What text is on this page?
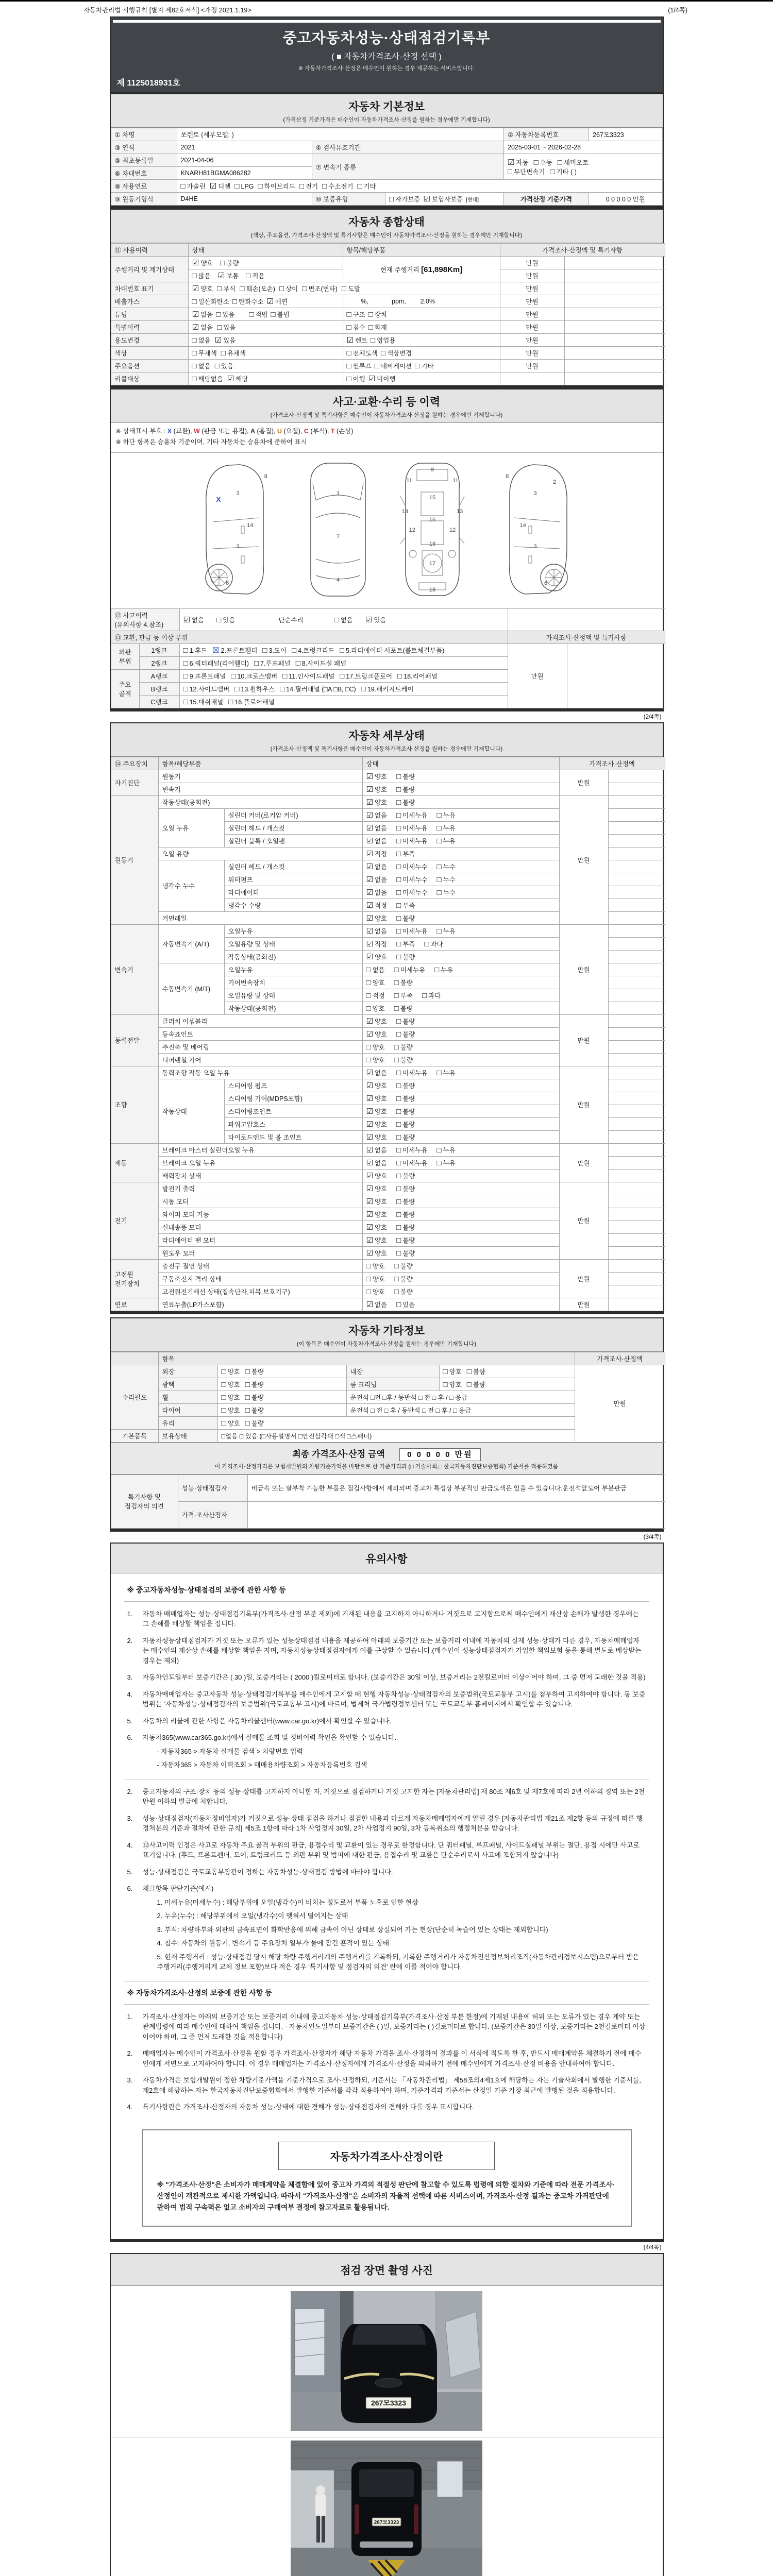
자동차관리법 시행규칙 [별지 제82호서식] <개정 2021.1.19>	(1/4쪽)
중고자동차성능·상태점검기록부
( ■ 자동차가격조사·산정 선택 )
※ 자동차가격조사·산정은 매수인이 원하는 경우 제공하는 서비스입니다.
제 1125018931호
자동차 기본정보
(가격산정 기준가격은 매수인이 자동차가격조사·산정을 원하는 경우에만 기재합니다)
① 차명	쏘렌토 (세부모델: )			② 자동차등록번호	267모3323
③ 연식	2021	④ 검사유효기간		2025-03-01 ~ 2026-02-28	
⑤ 최초등록일	2021-04-06	⑦ 변속기 종류		☑ 자동 □ 수동 □ 세미오토
□ 무단변속기 □ 기타 ( )	
⑥ 차대번호	KNARH81BGMA086282				
⑧ 사용연료	□ 가솔린 ☑ 디젤 □ LPG □ 하이브리드 □ 전기 □ 수소전기 □ 기타				
⑨ 원동기형식	D4HE	⑩ 보증유형	□ 자가보증 ☑ 보험사보증 [현대]	가격산정 기준가격	0 0 0 0 0 만원
자동차 종합상태
(색상, 주요옵션, 가격조사·산정액 및 특기사항은 매수인이 자동차가격조사·산정을 원하는 경우에만 기재합니다)
⑪ 사용이력	상태	항목/해당부품	가격조사·산정액 및 특기사항	
주행거리 및 계기상태	☑ 양호 □ 불량	현재 주행거리 [61,898Km]	만원	
	□ 많음 ☑ 보통 □ 적음		만원	
차대번호 표기	☑ 양호 □ 부식 □ 훼손(오손) □ 상이 □ 변조(변타) □ 도말		만원	
배출가스	□ 일산화탄소 □ 탄화수소 ☑ 매연	%,             ppm,        2.0%	만원	
튜닝	☑ 없음 □ 있음 □ 적법 □ 불법	□ 구조 □ 장치	만원	
특별이력	☑ 없음 □ 있음	□ 침수 □ 화재	만원	
용도변경	□ 없음 ☑ 있음	☑ 렌트 □ 영업용	만원	
색상	□ 무채색 □ 유채색	□ 전체도색 □ 색상변경	만원	
주요옵션	□ 없음 □ 있음	□ 썬루프 □ 네비게이션 □ 기타	만원	
리콜대상	□ 해당없음 ☑ 해당	□ 이행 ☑ 미이행		
사고·교환·수리 등 이력
(가격조사·산정액 및 특기사항은 매수인이 자동차가격조사·산정을 원하는 경우에만 기재합니다)
※ 상태표시 부호 : X (교환), W (판금 또는 용접), A (흠집), U (요철), C (부식), T (손상)
※ 하단 항목은 승용차 기준이며, 기타 자동차는 승용차에 준하여 표시
8
3
14
3
6
X
1
7
4
9
11	11
13	13
12	12
15
16
19
17
18
2
8
3
14
3
6
⑫ 사고이력 (유의사항 4.참조)		☑ 없음 □ 있음 단순수리 □ 없음 ☑ 있음		
⑬ 교환, 판금 등 이상 부위			가격조사·산정액 및 특기사항	
외판 부위	1랭크	□ 1.후드 ☒ 2.프론트휀더 □ 3.도어 □ 4.트렁크리드 □ 5.라디에이터 서포트(볼트체결부품)	만원	
	2랭크	□ 6.쿼터패널(리어휀더) □ 7.루프패널 □ 8.사이드실 패널		
주요 골격	A랭크	□ 9.프론트패널 □ 10.크로스멤버 □ 11.인사이드패널 □ 17.트렁크플로어 □ 18.리어패널		
	B랭크	□ 12.사이드멤버 □ 13.휠하우스 □ 14.필러패널 (□A □B, □C) □ 19.패키지트레이		
	C랭크	□ 15.대쉬패널 □ 16.플로어패널		
(2/4쪽)
자동차 세부상태
(가격조사·산정액 및 특기사항은 매수인이 자동차가격조사·산정을 원하는 경우에만 기재합니다)
⑭ 주요장치	항목/해당부품		상태	가격조사·산정액	
자기진단	원동기		☑ 양호 □ 불량	만원	
	변속기		☑ 양호 □ 불량		
원동기	작동상태(공회전)		☑ 양호 □ 불량	만원	
	오일 누유	실린더 커버(로커암 커버)	☑ 없음 □ 미세누유 □ 누유		
		실린더 헤드 / 개스킷	☑ 없음 □ 미세누유 □ 누유		
		실린더 블록 / 오일팬	☑ 없음 □ 미세누유 □ 누유		
	오일 유량		☑ 적정 □ 부족		
	냉각수 누수	실린더 헤드 / 개스킷	☑ 없음 □ 미세누수 □ 누수		
		워터펌프	☑ 없음 □ 미세누수 □ 누수		
		라디에이터	☑ 없음 □ 미세누수 □ 누수		
		냉각수 수량	☑ 적정 □ 부족		
	커먼레일		☑ 양호 □ 불량		
변속기	자동변속기 (A/T)	오일누유	☑ 없음 □ 미세누유 □ 누유	만원	
		오일유량 및 상태	☑ 적정 □ 부족 □ 과다		
		작동상태(공회전)	☑ 양호 □ 불량		
	수동변속기 (M/T)	오일누유	□ 없음 □ 미세누유 □ 누유		
		기어변속장치	□ 양호 □ 불량		
		오일유량 및 상태	□ 적정 □ 부족 □ 과다		
		작동상태(공회전)	□ 양호 □ 불량		
동력전달	클러치 어셈블리		☑ 양호 □ 불량	만원	
	등속죠인트		☑ 양호 □ 불량		
	추진축 및 베어링		□ 양호 □ 불량		
	디퍼렌셜 기어		□ 양호 □ 불량		
조향	동력조향 작동 오일 누유		☑ 없음 □ 미세누유 □ 누유	만원	
	작동상태	스티어링 펌프	☑ 양호 □ 불량		
		스티어링 기어(MDPS포함)	☑ 양호 □ 불량		
		스티어링조인트	☑ 양호 □ 불량		
		파워고압호스	☑ 양호 □ 불량		
		타이로드엔드 및 볼 조인트	☑ 양호 □ 불량		
제동	브레이크 마스터 실린더오일 누유		☑ 없음 □ 미세누유 □ 누유	만원	
	브레이크 오일 누유		☑ 없음 □ 미세누유 □ 누유		
	배력장치 상태		☑ 양호 □ 불량		
전기	발전기 출력		☑ 양호 □ 불량	만원	
	시동 모터		☑ 양호 □ 불량		
	와이퍼 모터 기능		☑ 양호 □ 불량		
	실내송풍 모터		☑ 양호 □ 불량		
	라디에이터 팬 모터		☑ 양호 □ 불량		
	윈도우 모터		☑ 양호 □ 불량		
고전원 전기장치	충전구 절연 상태		□ 양호 □ 불량	만원	
	구동축전지 격리 상태		□ 양호 □ 불량		
	고전원전기배선 상태(접속단자,피복,보호기구)		□ 양호 □ 불량		
연료	연료누출(LP가스포함)		☑ 없음 □ 있음	만원	
자동차 기타정보
(이 항목은 매수인이 자동차가격조사·산정을 원하는 경우에만 기재합니다)
	항목				가격조사·산정액
수리필요	외장	□ 양호 □ 불량	내장	□ 양호 □ 불량	만원
	광택	□ 양호 □ 불량	룸 크리닝	□ 양호 □ 불량	
	휠	□ 양호 □ 불량	운전석 □전 □후 / 동반석 □ 전 □ 후 / □ 응급		
	타이어	□ 양호 □ 불량	운전석 □ 전 □ 후 / 동반석 □ 전 □ 후 / □ 응급		
	유리	□ 양호 □ 불량			
기본품목	보유상태	□없음 □ 있음 (□사용설명서 □안전삼각대 □잭 □스패너)			
최종 가격조사·산정 금액	0 0 0 0 0 만원
이 가격조사·산정가격은 보험개발원의 차량기준가액을 바탕으로 한 기준가격과 (□ 기술사회,□ 한국자동차진단보증협회) 기준서를 적용하였음
특기사항 및 점검자의 의견	성능·상태점검자	비금속 또는 탈부착 가능한 부품은 점검사항에서 제외되며 중고차 특성상 부분적인 판금도색은 있을 수 있습니다.운전석앞도어 부분판금
	가격·조사산정자	
(3/4쪽)
유의사항
※ 중고자동차성능·상태점검의 보증에 관한 사항 등
1.	자동차 매매업자는 성능·상태점검기록부(가격조사·산정 부분 제외)에 기재된 내용을 고지하지 아니하거나 거짓으로 고지함으로써 매수인에게 재산상 손해가 발생한 경우에는 그 손해를 배상할 책임을 집니다.
2.	자동차성능상태점검자가 거짓 또는 오류가 있는 성능상태점검 내용을 제공하여 아래의 보증기간 또는 보증거리 이내에 자동차의 실제 성능·상태가 다른 경우, 자동차매매업자는 매수인의 재산상 손해를 배상할 책임을 지며, 자동차성능상태점검자에게 이를 구상할 수 있습니다.(매수인이 성능상태점검자가 가입한 책임보험 등을 통해 별도로 배상받는 경우는 제외)
3.	자동차인도일부터 보증기간은 ( 30 )일, 보증거리는 ( 2000 )킬로미터로 합니다. (보증기간은 30일 이상, 보증거리는 2천킬로미터 이상이어야 하며, 그 중 먼저 도래한 것을 적용)
4.	자동차매매업자는 중고자동차 성능·상태점검기록부를 매수인에게 고지할 때 현행 자동차성능·상태점검자의 보증범위(국토교통부 고시)를 첨부하여 고지하여야 합니다. 동 보증범위는 '자동차성능·상태점검자의 보증범위'(국토교통부 고시)에 따르며, 법제처 국가법령정보센터 또는 국토교통부 홈페이지에서 확인할 수 있습니다.
5.	자동차의 리콜에 관한 사항은 자동차리콜센터(www.car.go.kr)에서 확인할 수 있습니다.
6.	자동차365(www.car365.go.kr)에서 실매물 조회 및 정비이력 확인을 확인할 수 있습니다.
- 자동차365 > 자동차 실매물 검색 > 차량번호 입력
- 자동차365 > 자동차 이력조회 > 매매용차량조회 > 자동차등록번호 검색
2.	중고자동차의 구조·장치 등의 성능·상태를 고지하지 아니한 자, 거짓으로 점검하거나 거짓 고지한 자는 [자동차관리법] 제 80조 제6호 및 제7호에 따라 2년 이하의 징역 또는 2천만원 이하의 벌금에 처합니다.
3.	성능·상태점검자(자동차정비업자)가 거짓으로 성능·상태 점검을 하거나 점검한 내용과 다르게 자동차매매업자에게 알린 경우 [자동차관리법 제21조 제2항 등의 규정에 따른 행정처분의 기준과 절차에 관한 규칙] 제5조 1항에 따라 1차 사업정지 30일, 2차 사업정지 90일, 3차 등록취소의 행정처분을 받습니다.
4.	⑫사고이력 인정은 사고로 자동차 주요 골격 부위의 판금, 용접수리 및 교환이 있는 경우로 한정합니다. 단 쿼터패널, 루프패널, 사이드실패널 부위는 절단, 용접 시에만 사고로 표기합니다. (후드, 프론트펜더, 도어, 트렁크리드 등 외판 부위 및 범퍼에 대한 판금, 용접수리 및 교환은 단순수리로서 사고에 포함되지 않습니다)
5.	성능·상태점검은 국토교통부장관이 정하는 자동차성능·상태점검 방법에 따라야 합니다.
6.	체크항목 판단기준(예시)
1. 미세누유(미세누수) : 해당부위에 오일(냉각수)이 비치는 정도로서 부품 노후로 인한 현상
2. 누유(누수) : 해당부위에서 오일(냉각수)이 맺혀서 떨어지는 상태
3. 부식: 차량하부와 외판의 금속표면이 화학반응에 의해 금속이 아닌 상태로 상실되어 가는 현상(단순히 녹슬어 있는 상태는 제외합니다)
4. 침수: 자동차의 원동기, 변속기 등 주요장치 일부가 물에 잠긴 흔적이 있는 상태
5. 현재 주행거리 : 성능·상태점검 당시 해당 차량 주행거리계의 주행거리를 기록하되, 기록한 주행거리가 자동차전산정보처리조직(자동차관리정보시스템)으로부터 받은 주행거리(주행거리계 교체 정보 포함)보다 적은 경우 '특기사항 및 점검자의 의견' 란에 이를 적어야 합니다.
※ 자동차가격조사·산정의 보증에 관한 사항 등
1.	가격조사·산정자는 아래의 보증기간 또는 보증거리 이내에 중고자동차 성능·상태점검기록부(가격조사·산정 부분 한정)에 기재된 내용에 허위 또는 오류가 있는 경우 계약 또는 관계법령에 따라 매수인에 대하여 책임을 집니다. · 자동차인도일부터 보증기간은 ( )일, 보증거리는 ( )킬로미터로 합니다. (보증기간은 30일 이상, 보증거리는 2천킬로미터 이상이어야 하며, 그 중 먼저 도래한 것을 적용합니다)
2.	매매업자는 매수인이 가격조사·산정을 원할 경우 가격조사·산정자가 해당 자동차 가격을 조사·산정하여 결과를 이 서식에 적도록 한 후, 반드시 매매계약을 체결하기 전에 매수인에게 서면으로 고지하여야 합니다. 이 경우 매매업자는 가격조사·산정자에게 가격조사·산정을 의뢰하기 전에 매수인에게 가격조사·산정 비용을 안내하여야 합니다.
3.	자동차가격은 보험개발원이 정한 차량기준가액을 기준가격으로 조사·산정하되, 기준서는 「자동차관리법」 제58조의4제1호에 해당하는 자는 기술사회에서 발행한 기준서를, 제2호에 해당하는 자는 한국자동차진단보증협회에서 발행한 기준서를 각각 적용하여야 하며, 기준가격과 기준서는 산정일 기준 가장 최근에 발행된 것을 적용합니다.
4.	특기사항란은 가격조사·산정자의 자동차 성능·상태에 대한 견해가 성능·상태점검자의 견해와 다를 경우 표시합니다.
자동차가격조사·산정이란
※ "가격조사·산정"은 소비자가 매매계약을 체결함에 있어 중고차 가격의 적절성 판단에 참고할 수 있도록 법령에 의한 절차와 기준에 따라 전문 가격조사·산정인이 객관적으로 제시한 가액입니다. 따라서 "가격조사·산정"은 소비자의 자율적 선택에 따른 서비스이며, 가격조사·산정 결과는 중고차 가격판단에 관하여 법적 구속력은 없고 소비자의 구매여부 결정에 참고자료로 활용됩니다.
(4/4쪽)
점검 장면 촬영 사진
267모3323
267모3323
